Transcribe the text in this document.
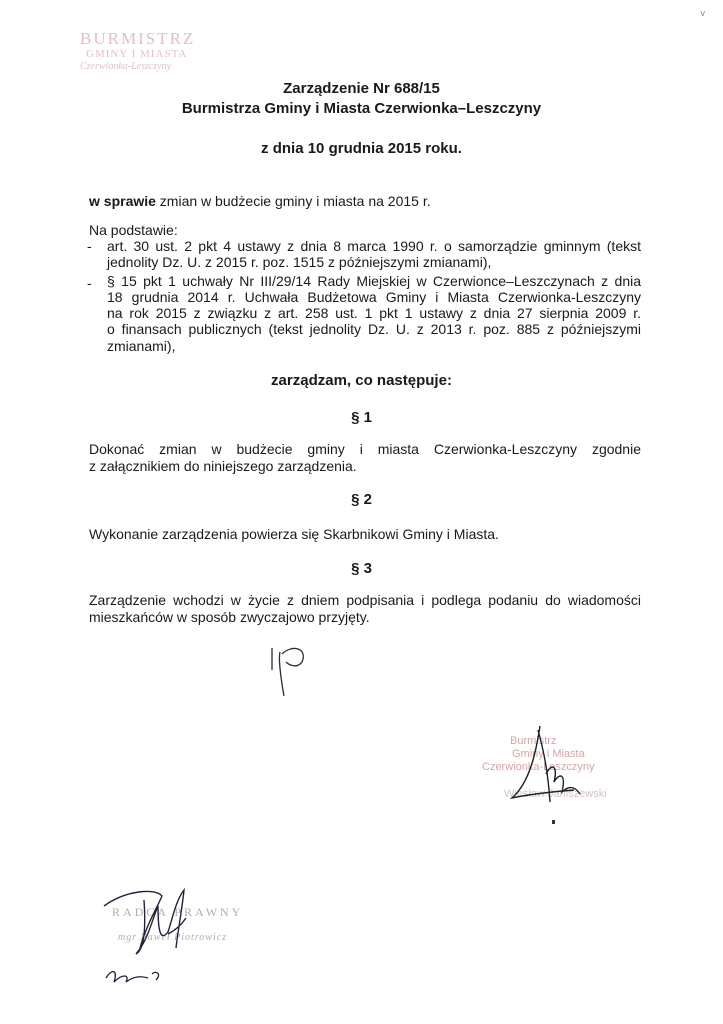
v
BURMISTRZ
GMINY I MIASTA
Czerwionka-Leszczyny
Zarządzenie Nr 688/15
Burmistrza Gminy i Miasta Czerwionka–Leszczyny
z dnia 10 grudnia 2015 roku.
w sprawie zmian w budżecie gminy i miasta na 2015 r.
Na podstawie:
- art. 30 ust. 2 pkt 4 ustawy z dnia 8 marca 1990 r. o samorządzie gminnym (tekst
jednolity Dz. U. z 2015 r. poz. 1515 z późniejszymi zmianami),
- § 15 pkt 1 uchwały Nr III/29/14 Rady Miejskiej w Czerwionce–Leszczynach z dnia
18 grudnia 2014 r. Uchwała Budżetowa Gminy i Miasta Czerwionka-Leszczyny
na rok 2015 z związku z art. 258 ust. 1 pkt 1 ustawy z dnia 27 sierpnia 2009 r.
o finansach publicznych (tekst jednolity Dz. U. z 2013 r. poz. 885 z późniejszymi
zmianami),
zarządzam, co następuje:
§ 1
Dokonać zmian w budżecie gminy i miasta Czerwionka-Leszczyny zgodnie
z załącznikiem do niniejszego zarządzenia.
§ 2
Wykonanie zarządzenia powierza się Skarbnikowi Gminy i Miasta.
§ 3
Zarządzenie wchodzi w życie z dniem podpisania i podlega podaniu do wiadomości
mieszkańców w sposób zwyczajowo przyjęty.
Burmistrz
Gminy i Miasta
Czerwionka-Leszczyny
Wiesław Janiszewski
RADCA PRAWNY
mgr Paweł Piotrowicz
